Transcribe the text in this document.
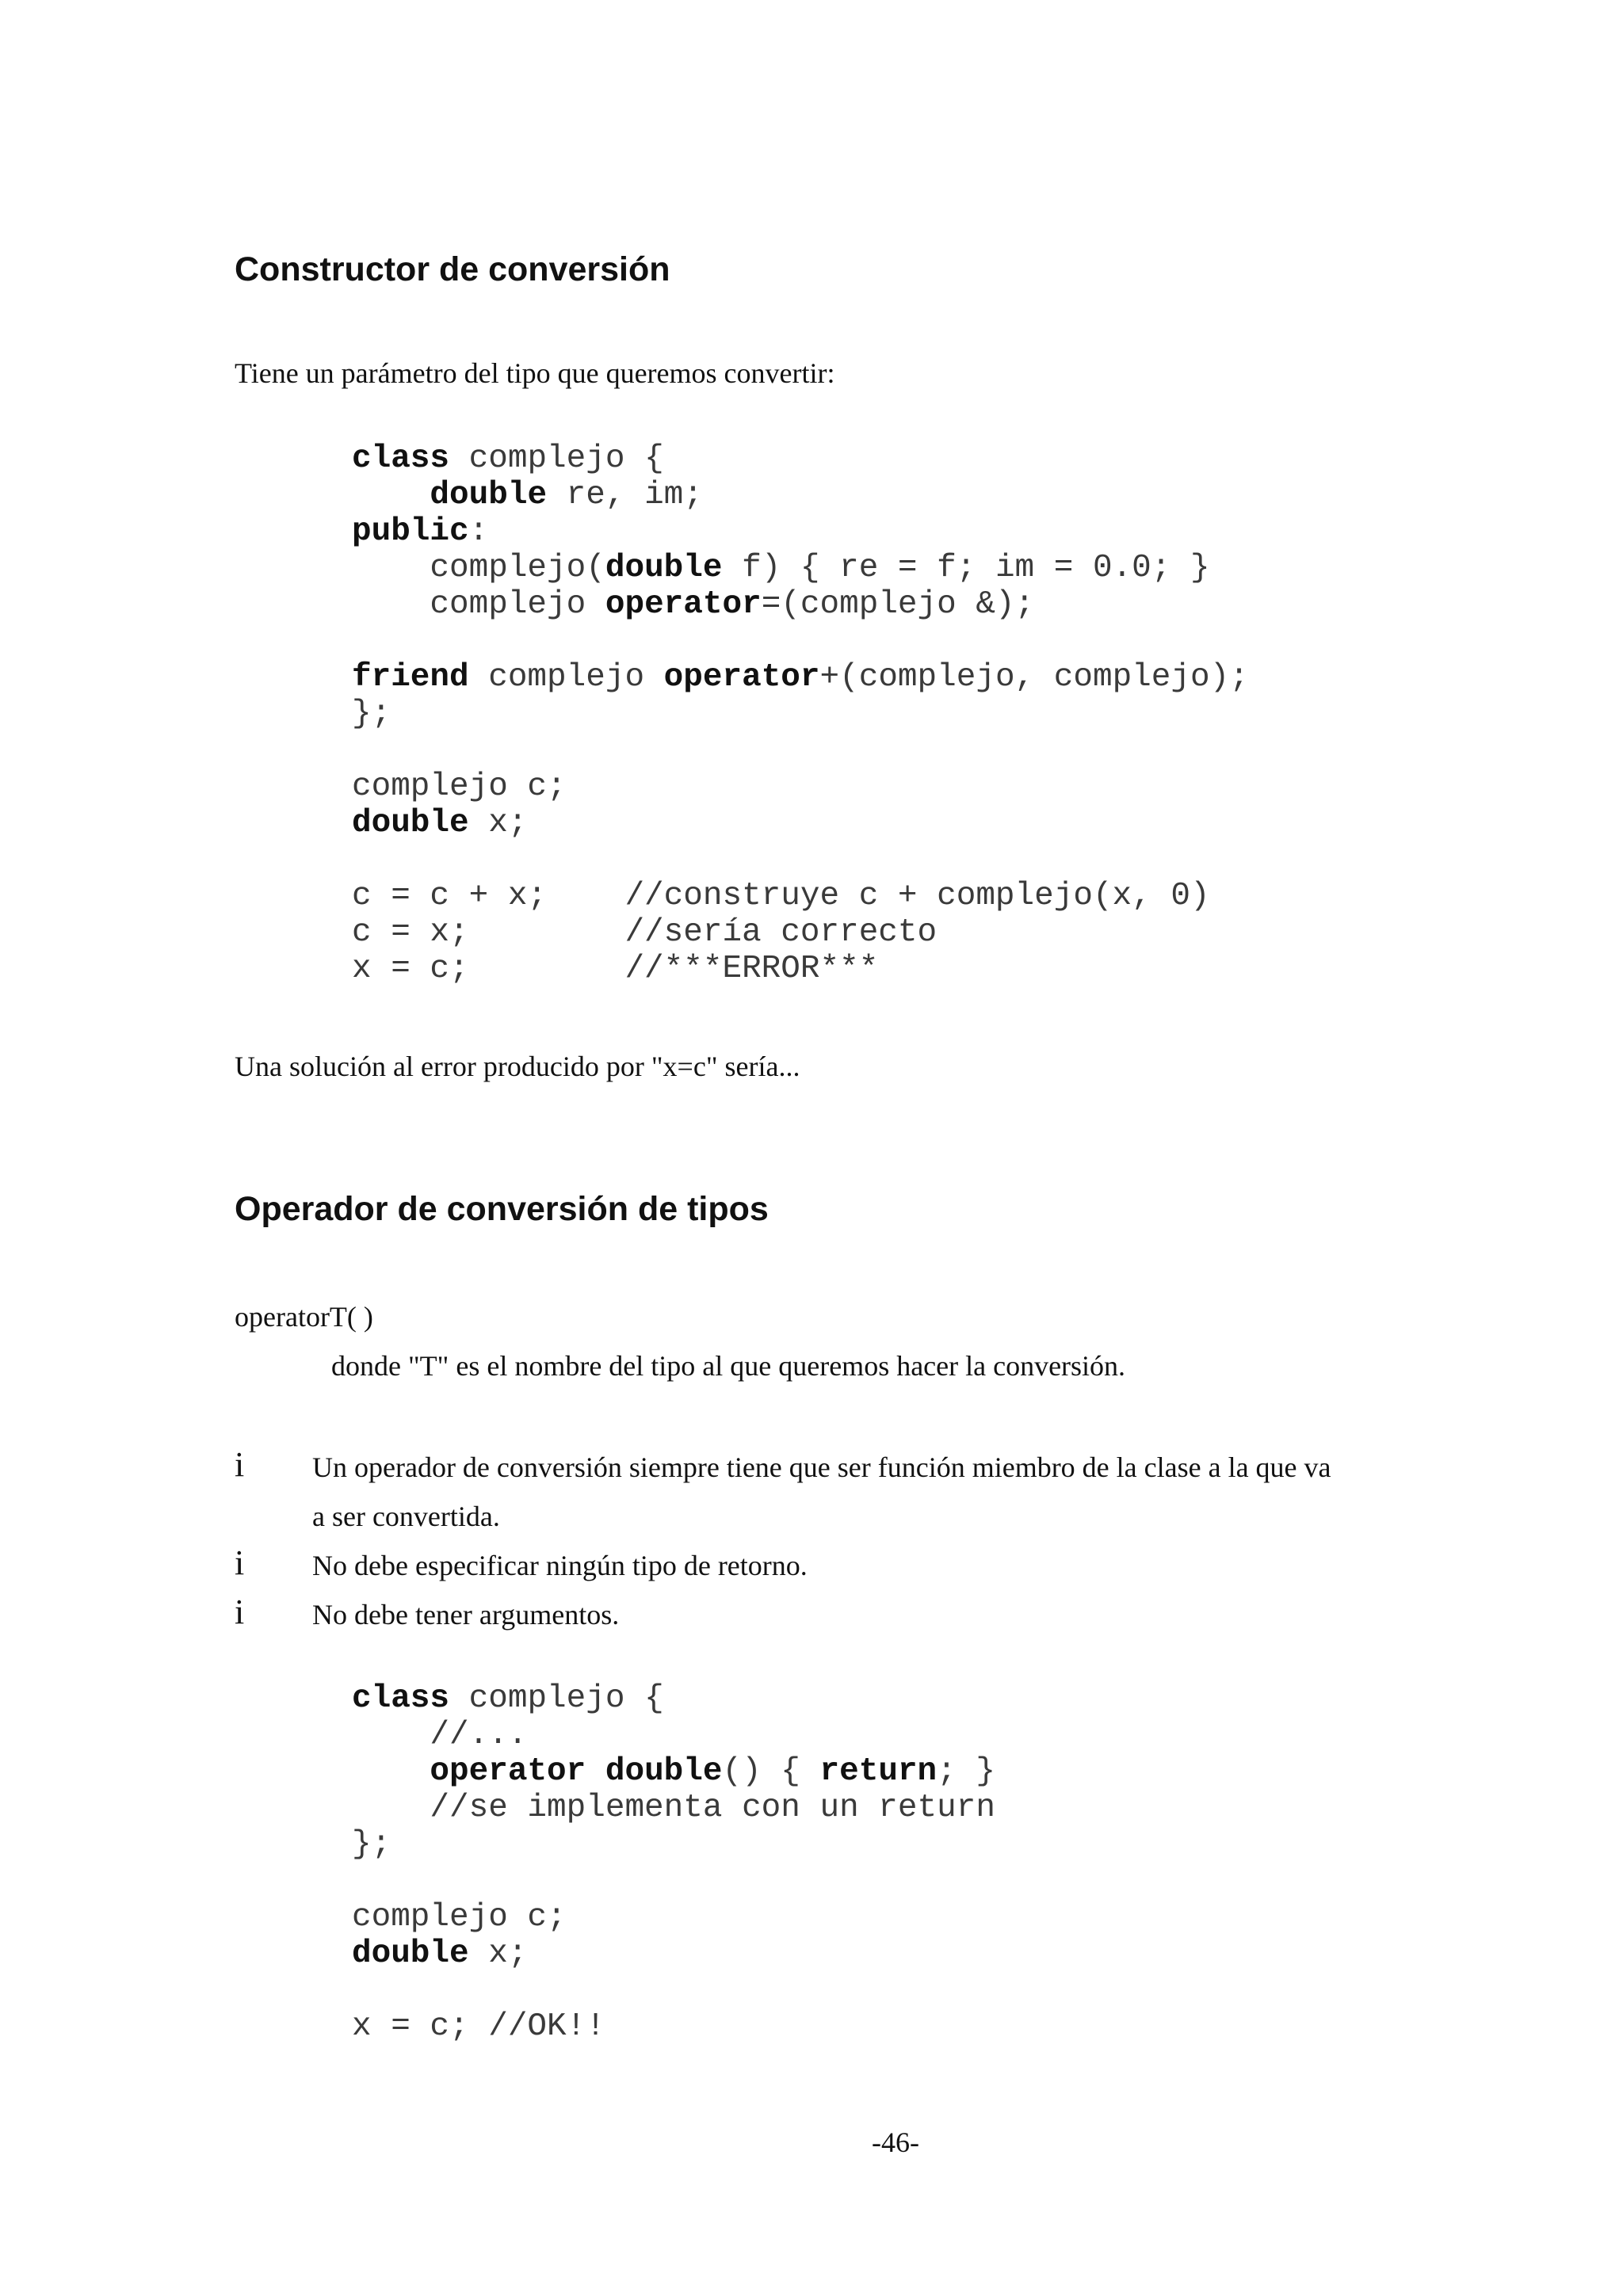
Constructor de conversión

Tiene un parámetro del tipo que queremos convertir:

class complejo {
double re, im;
public:
complejo(double f) { re = f; im = 0.0; }
complejo operator=(complejo &);
friend complejo operator+(complejo, complejo);
};
complejo c;
double x;
c = c + x;    //construye c + complejo(x, 0)
c = x;        //sería correcto
x = c;        //***ERROR***

Una solución al error producido por "x=c" sería...

Operador de conversión de tipos

operatorT( )

donde "T" es el nombre del tipo al que queremos hacer la conversión.

i Un operador de conversión siempre tiene que ser función miembro de la clase a la que va
a ser convertida.
i No debe especificar ningún tipo de retorno.
i No debe tener argumentos.
class complejo {
//...
operator double() { return; }
//se implementa con un return
};
complejo c;
double x;
x = c; //OK!!
-46-
